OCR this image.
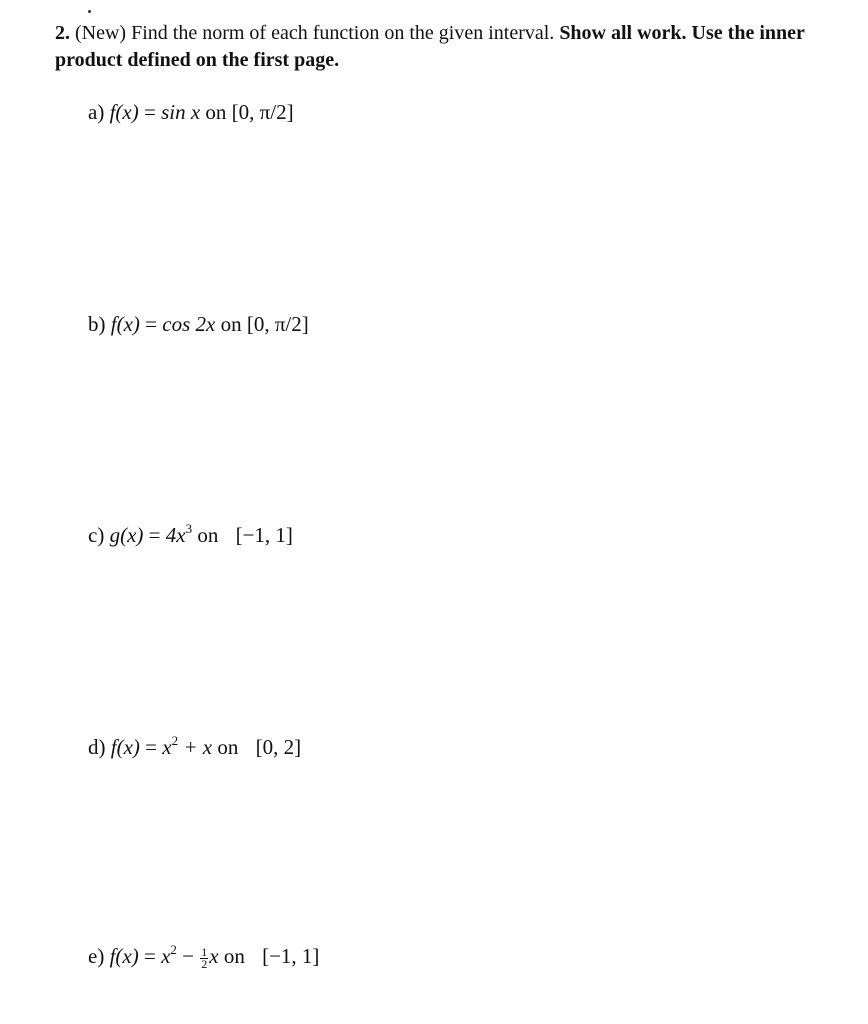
2. (New) Find the norm of each function on the given interval. Show all work. Use the inner product defined on the first page.
a) f(x) = sin x on [0, π/2]
b) f(x) = cos 2x on [0, π/2]
c) $g(x) = 4x^3$ on [−1, 1]
d) $f(x) = x^2 + x$ on [0, 2]
e) $f(x) = x^2 - \frac{1}{2}$ x on [−1, 1]
